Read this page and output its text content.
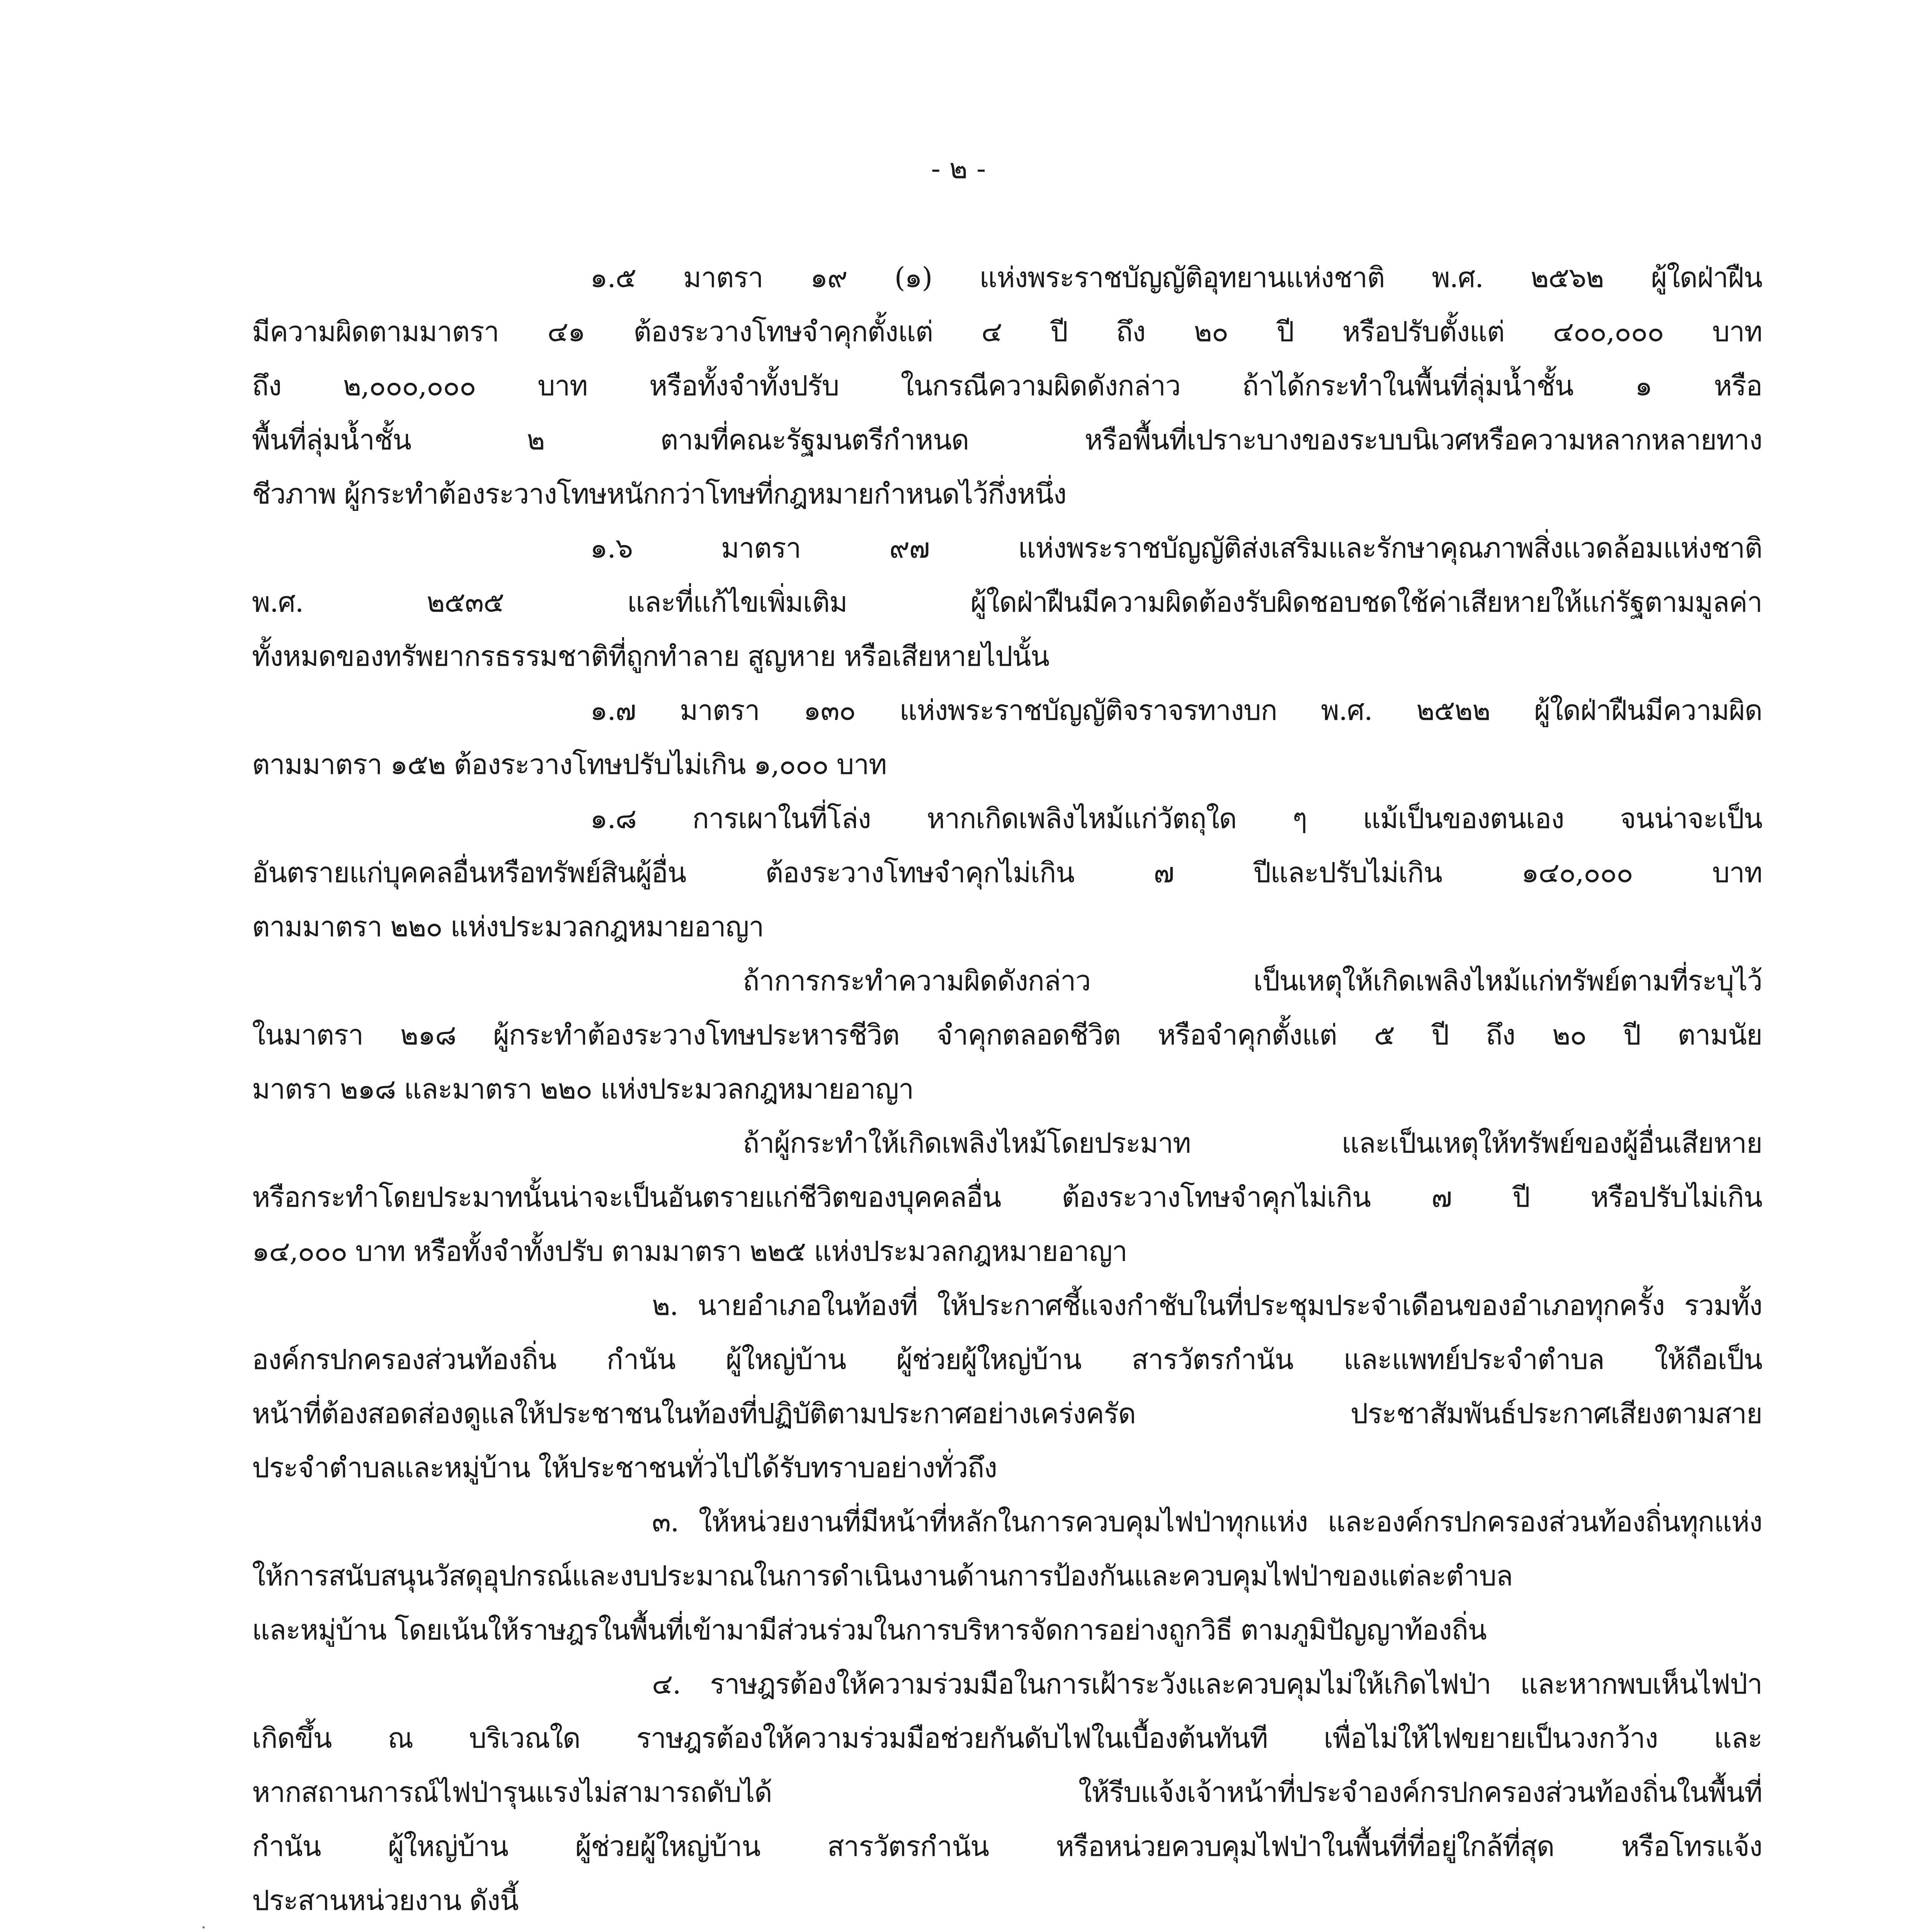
- ๒ -
๑.๕ มาตรา ๑๙ (๑) แห่งพระราชบัญญัติอุทยานแห่งชาติ พ.ศ. ๒๕๖๒ ผู้ใดฝ่าฝืน
มีความผิดตามมาตรา ๔๑ ต้องระวางโทษจำคุกตั้งแต่ ๔ ปี ถึง ๒๐ ปี หรือปรับตั้งแต่ ๔๐๐,๐๐๐ บาท
ถึง ๒,๐๐๐,๐๐๐ บาท หรือทั้งจำทั้งปรับ ในกรณีความผิดดังกล่าว ถ้าได้กระทำในพื้นที่ลุ่มน้ำชั้น ๑ หรือ
พื้นที่ลุ่มน้ำชั้น ๒ ตามที่คณะรัฐมนตรีกำหนด หรือพื้นที่เปราะบางของระบบนิเวศหรือความหลากหลายทาง
ชีวภาพ ผู้กระทำต้องระวางโทษหนักกว่าโทษที่กฎหมายกำหนดไว้กึ่งหนึ่ง
๑.๖ มาตรา ๙๗ แห่งพระราชบัญญัติส่งเสริมและรักษาคุณภาพสิ่งแวดล้อมแห่งชาติ
พ.ศ. ๒๕๓๕ และที่แก้ไขเพิ่มเติม ผู้ใดฝ่าฝืนมีความผิดต้องรับผิดชอบชดใช้ค่าเสียหายให้แก่รัฐตามมูลค่า
ทั้งหมดของทรัพยากรธรรมชาติที่ถูกทำลาย สูญหาย หรือเสียหายไปนั้น
๑.๗ มาตรา ๑๓๐ แห่งพระราชบัญญัติจราจรทางบก พ.ศ. ๒๕๒๒ ผู้ใดฝ่าฝืนมีความผิด
ตามมาตรา ๑๕๒ ต้องระวางโทษปรับไม่เกิน ๑,๐๐๐ บาท
๑.๘ การเผาในที่โล่ง หากเกิดเพลิงไหม้แก่วัตถุใด ๆ แม้เป็นของตนเอง จนน่าจะเป็น
อันตรายแก่บุคคลอื่นหรือทรัพย์สินผู้อื่น ต้องระวางโทษจำคุกไม่เกิน ๗ ปีและปรับไม่เกิน ๑๔๐,๐๐๐ บาท
ตามมาตรา ๒๒๐ แห่งประมวลกฎหมายอาญา
ถ้าการกระทำความผิดดังกล่าว เป็นเหตุให้เกิดเพลิงไหม้แก่ทรัพย์ตามที่ระบุไว้
ในมาตรา ๒๑๘ ผู้กระทำต้องระวางโทษประหารชีวิต จำคุกตลอดชีวิต หรือจำคุกตั้งแต่ ๕ ปี ถึง ๒๐ ปี ตามนัย
มาตรา ๒๑๘ และมาตรา ๒๒๐ แห่งประมวลกฎหมายอาญา
ถ้าผู้กระทำให้เกิดเพลิงไหม้โดยประมาท และเป็นเหตุให้ทรัพย์ของผู้อื่นเสียหาย
หรือกระทำโดยประมาทนั้นน่าจะเป็นอันตรายแก่ชีวิตของบุคคลอื่น ต้องระวางโทษจำคุกไม่เกิน ๗ ปี หรือปรับไม่เกิน
๑๔,๐๐๐ บาท หรือทั้งจำทั้งปรับ ตามมาตรา ๒๒๕ แห่งประมวลกฎหมายอาญา
๒. นายอำเภอในท้องที่ ให้ประกาศชี้แจงกำชับในที่ประชุมประจำเดือนของอำเภอทุกครั้ง รวมทั้ง
องค์กรปกครองส่วนท้องถิ่น กำนัน ผู้ใหญ่บ้าน ผู้ช่วยผู้ใหญ่บ้าน สารวัตรกำนัน และแพทย์ประจำตำบล ให้ถือเป็น
หน้าที่ต้องสอดส่องดูแลให้ประชาชนในท้องที่ปฏิบัติตามประกาศอย่างเคร่งครัด ประชาสัมพันธ์ประกาศเสียงตามสาย
ประจำตำบลและหมู่บ้าน ให้ประชาชนทั่วไปได้รับทราบอย่างทั่วถึง
๓. ให้หน่วยงานที่มีหน้าที่หลักในการควบคุมไฟป่าทุกแห่ง และองค์กรปกครองส่วนท้องถิ่นทุกแห่ง
ให้การสนับสนุนวัสดุอุปกรณ์และงบประมาณในการดำเนินงานด้านการป้องกันและควบคุมไฟป่าของแต่ละตำบล
และหมู่บ้าน โดยเน้นให้ราษฎรในพื้นที่เข้ามามีส่วนร่วมในการบริหารจัดการอย่างถูกวิธี ตามภูมิปัญญาท้องถิ่น
๔. ราษฎรต้องให้ความร่วมมือในการเฝ้าระวังและควบคุมไม่ให้เกิดไฟป่า และหากพบเห็นไฟป่า
เกิดขึ้น ณ บริเวณใด ราษฎรต้องให้ความร่วมมือช่วยกันดับไฟในเบื้องต้นทันที เพื่อไม่ให้ไฟขยายเป็นวงกว้าง และ
หากสถานการณ์ไฟป่ารุนแรงไม่สามารถดับได้ ให้รีบแจ้งเจ้าหน้าที่ประจำองค์กรปกครองส่วนท้องถิ่นในพื้นที่
กำนัน ผู้ใหญ่บ้าน ผู้ช่วยผู้ใหญ่บ้าน สารวัตรกำนัน หรือหน่วยควบคุมไฟป่าในพื้นที่ที่อยู่ใกล้ที่สุด หรือโทรแจ้ง
ประสานหน่วยงาน ดังนี้
